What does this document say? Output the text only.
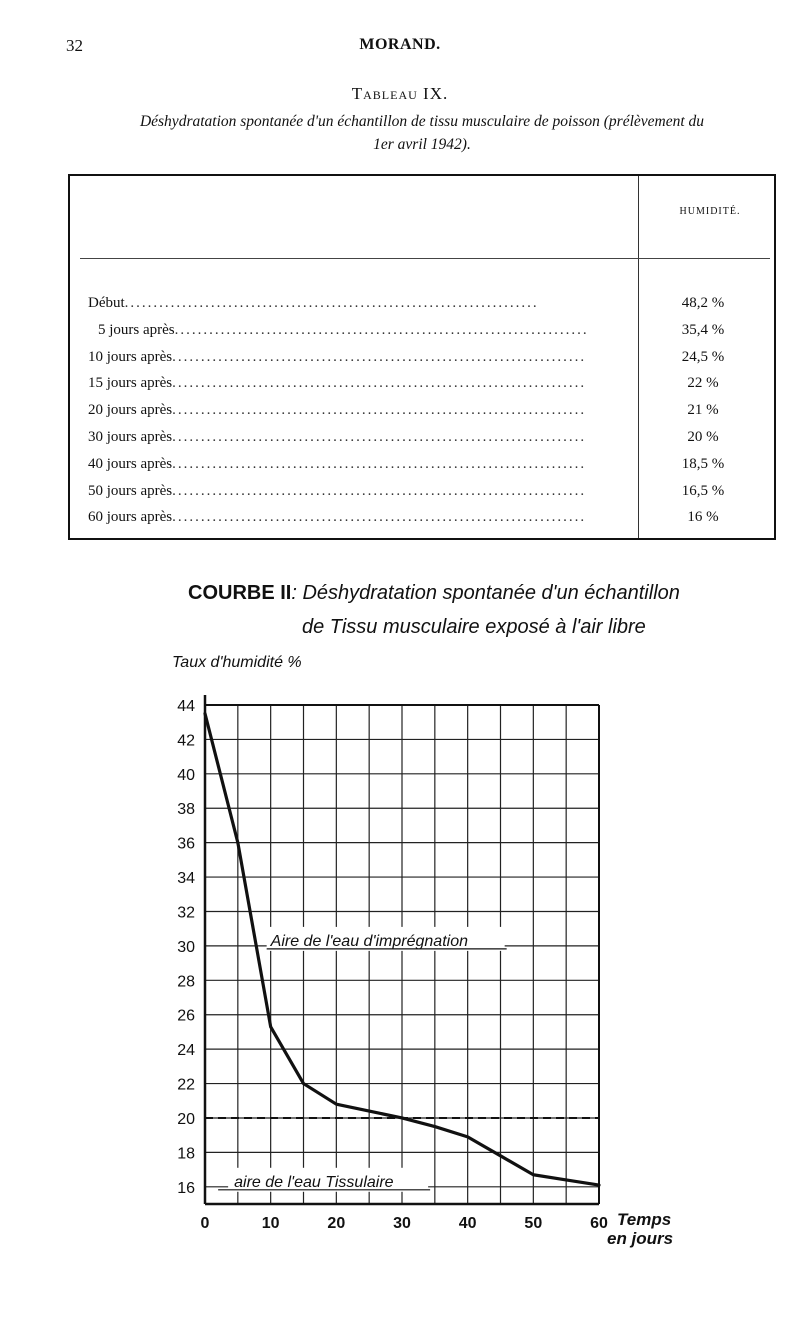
32	MORAND.
Tableau IX.
Déshydratation spontanée d'un échantillon de tissu musculaire de poisson (prélèvement du
1er avril 1942).
HUMIDITÉ.
Début........................................................................	48,2 %
5 jours après........................................................................	35,4 %
10 jours après........................................................................	24,5 %
15 jours après........................................................................	22 %
20 jours après........................................................................	21 %
30 jours après........................................................................	20 %
40 jours après........................................................................	18,5 %
50 jours après........................................................................	16,5 %
60 jours après........................................................................	16 %
COURBE II: Déshydratation spontanée d'un échantillon
de Tissu musculaire exposé à l'air libre
Taux d'humidité %
16
18
20
22
24
26
28
30
32
34
36
38
40
42
44
0	10	20	30	40	50	60
Aire de l'eau d'imprégnation
aire de l'eau Tissulaire
Temps
en jours
